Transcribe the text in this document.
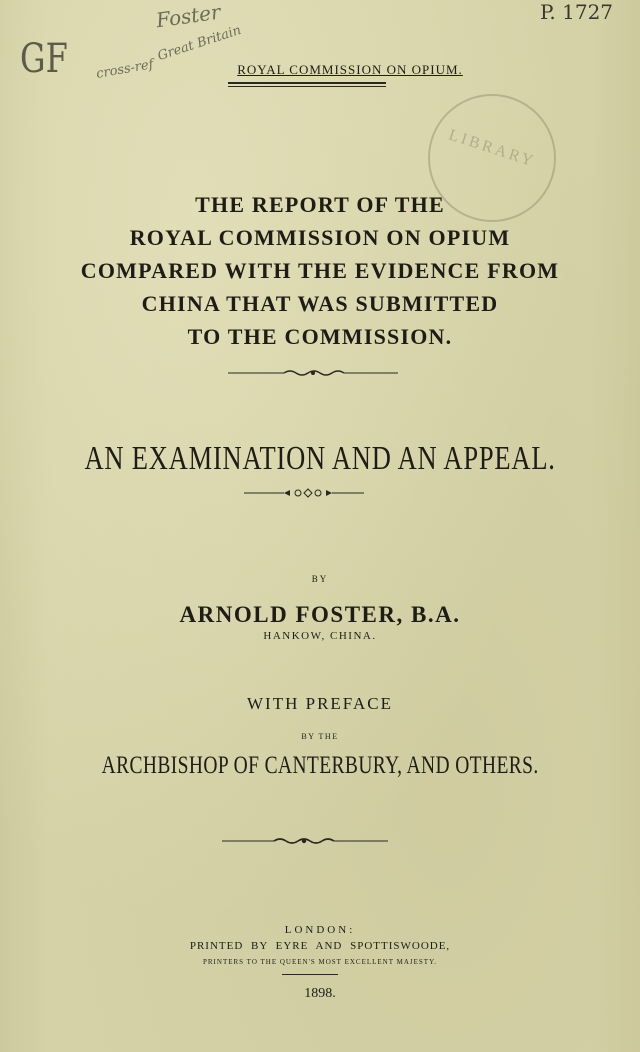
GF
Foster
Great Britain
cross-ref
P. 1727
LIBRARY
ROYAL COMMISSION ON OPIUM.
THE REPORT OF THE
ROYAL COMMISSION ON OPIUM
COMPARED WITH THE EVIDENCE FROM
CHINA THAT WAS SUBMITTED
TO THE COMMISSION.
AN EXAMINATION AND AN APPEAL.
BY
ARNOLD FOSTER, B.A.
HANKOW, CHINA.
WITH PREFACE
BY THE
ARCHBISHOP OF CANTERBURY, AND OTHERS.
LONDON:
PRINTED BY EYRE AND SPOTTISWOODE,
PRINTERS TO THE QUEEN'S MOST EXCELLENT MAJESTY.
1898.
